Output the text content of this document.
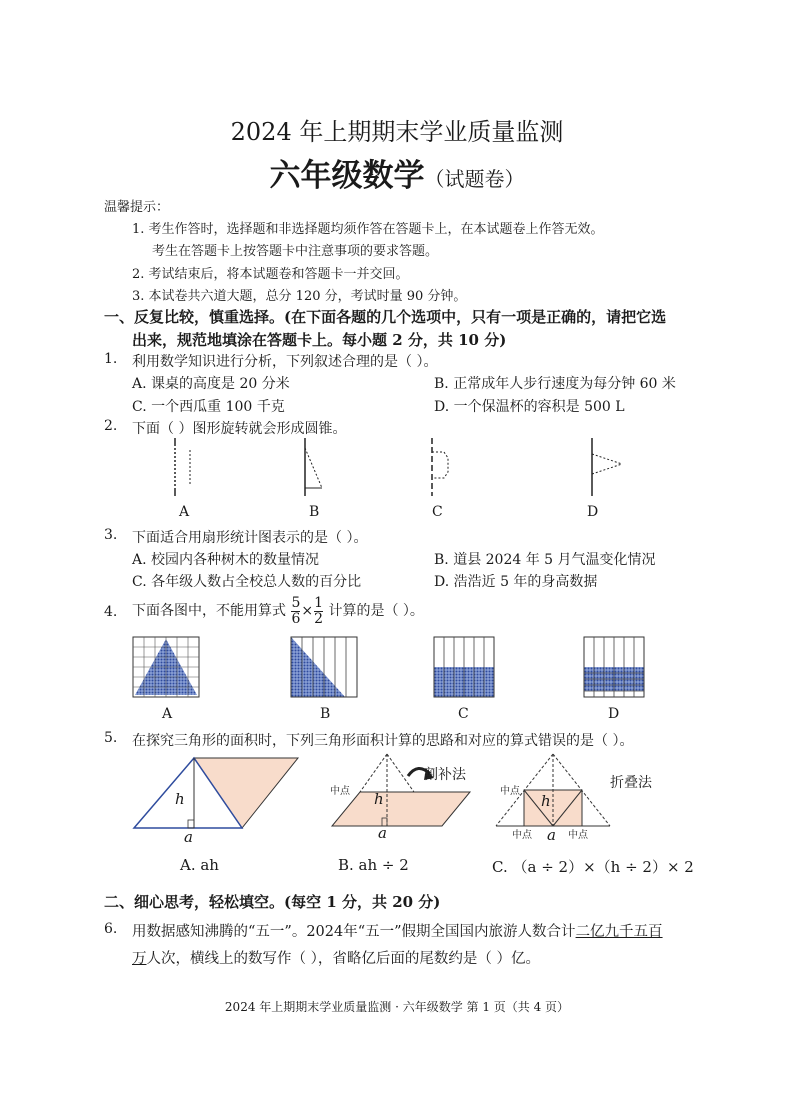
2024 年上期期末学业质量监测
六年级数学（试题卷）
温馨提示：
1. 考生作答时，选择题和非选择题均须作答在答题卡上，在本试题卷上作答无效。
考生在答题卡上按答题卡中注意事项的要求答题。
2. 考试结束后，将本试题卷和答题卡一并交回。
3. 本试卷共六道大题，总分 120 分，考试时量 90 分钟。
一、反复比较，慎重选择。(在下面各题的几个选项中，只有一项是正确的，请把它选
出来，规范地填涂在答题卡上。每小题 2 分，共 10 分)
1. 利用数学知识进行分析，下列叙述合理的是（ ）。
A. 课桌的高度是 20 分米	B. 正常成年人步行速度为每分钟 60 米
C. 一个西瓜重 100 千克	D. 一个保温杯的容积是 500 L
2. 下面（ ）图形旋转就会形成圆锥。
A	B	C	D
3. 下面适合用扇形统计图表示的是（ ）。
A. 校园内各种树木的数量情况	B. 道县 2024 年 5 月气温变化情况
C. 各年级人数占全校总人数的百分比	D. 浩浩近 5 年的身高数据
4. 下面各图中，不能用算式 $\frac{5}{6} \times\frac{1}{2}$ 计算的是（ ）。
A	B	C	D
5. 在探究三角形的面积时，下列三角形面积计算的思路和对应的算式错误的是（ ）。
h
a
割补法
中点 h
a
折叠法
中点
中点	中点
h
a
A. ah	B. ah ÷ 2	C. （a ÷ 2）×（h ÷ 2）× 2
二、细心思考，轻松填空。(每空 1 分，共 20 分)
6. 用数据感知沸腾的“五一”。2024年“五一”假期全国国内旅游人数合计二亿九千五百
万人次，横线上的数写作（ ），省略亿后面的尾数约是（ ）亿。
2024 年上期期末学业质量监测 · 六年级数学 第 1 页（共 4 页）
